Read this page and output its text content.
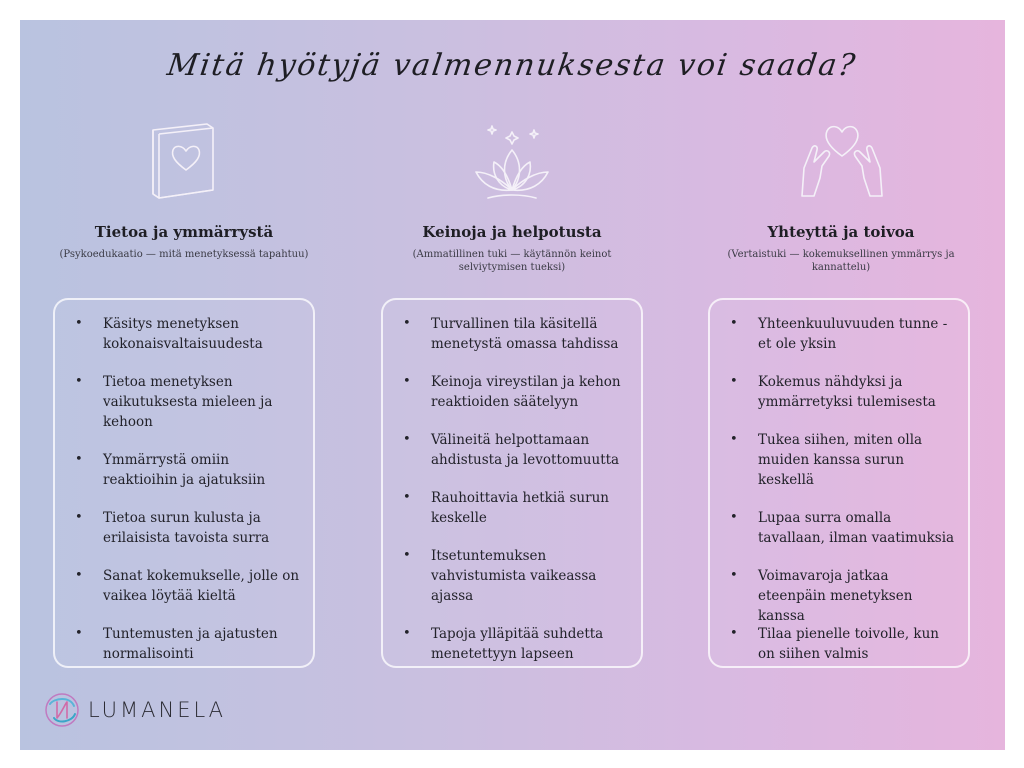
Mitä hyötyjä valmennuksesta voi saada?
Tietoa ja ymmärrystä

(Psykoedukaatio — mitä menetyksessä tapahtuu)

Keinoja ja helpotusta

(Ammatillinen tuki — käytännön keinot selviytymisen tueksi)

Yhteyttä ja toivoa

(Vertaistuki — kokemuksellinen ymmärrys ja kannattelu)

• Käsitys menetyksen kokonaisvaltaisuudesta
• Tietoa menetyksen vaikutuksesta mieleen ja kehoon
• Ymmärrystä omiin reaktioihin ja ajatuksiin
• Tietoa surun kulusta ja erilaisista tavoista surra
• Sanat kokemukselle, jolle on vaikea löytää kieltä
• Tuntemusten ja ajatusten normalisointi
• Turvallinen tila käsitellä menetystä omassa tahdissa
• Keinoja vireystilan ja kehon reaktioiden säätelyyn
• Välineitä helpottamaan ahdistusta ja levottomuutta
• Rauhoittavia hetkiä surun keskelle
• Itsetuntemuksen vahvistumista vaikeassa ajassa
• Tapoja ylläpitää suhdetta menetettyyn lapseen
• Yhteenkuuluvuuden tunne - et ole yksin
• Kokemus nähdyksi ja ymmärretyksi tulemisesta
• Tukea siihen, miten olla muiden kanssa surun keskellä
• Lupaa surra omalla tavallaan, ilman vaatimuksia
• Voimavaroja jatkaa eteenpäin menetyksen kanssa
• Tilaa pienelle toivolle, kun on siihen valmis
LUMANELA
